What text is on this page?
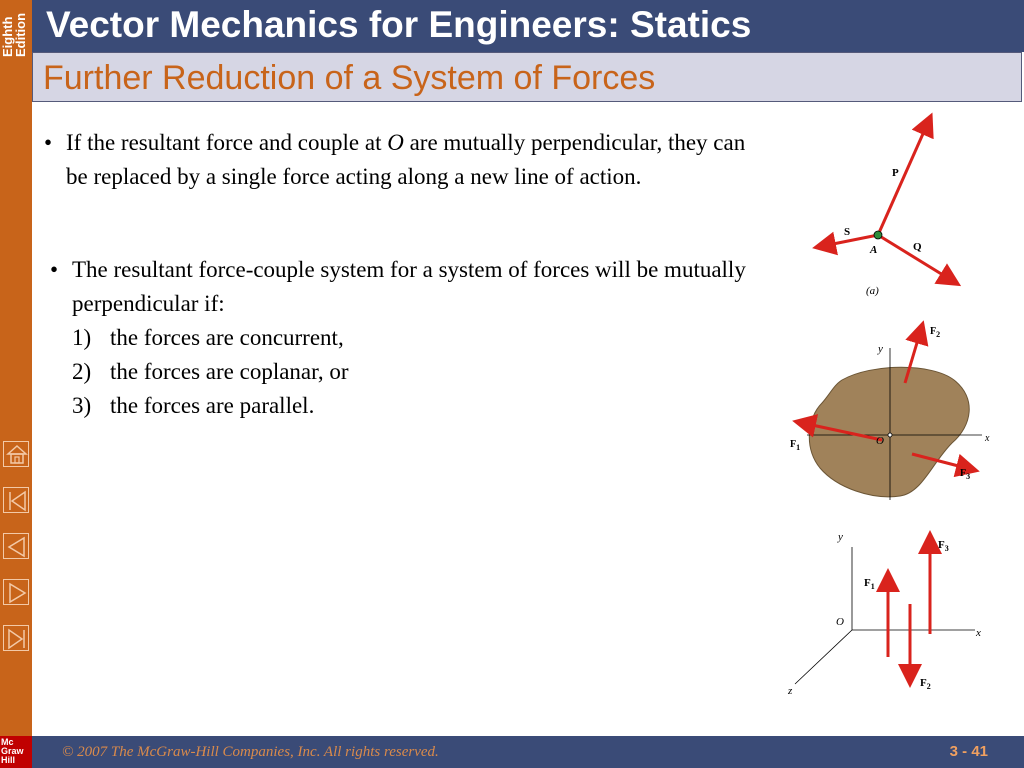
Eighth
Edition
Mc
Graw
Hill
Vector Mechanics for Engineers: Statics
Further Reduction of a System of Forces
• If the resultant force and couple at O are mutually perpendicular, they can be replaced by a single force acting along a new line of action.
• The resultant force-couple system for a system of forces will be mutually perpendicular if:
1) the forces are concurrent,
2) the forces are coplanar, or
3) the forces are parallel.
P
S
Q
A
(a)
y
x
O
$F_2$
$F_1$
$F_3$
y
x
z
O
$F_1$
$F_2$
$F_3$
© 2007 The McGraw-Hill Companies, Inc. All rights reserved.	3 - 41
